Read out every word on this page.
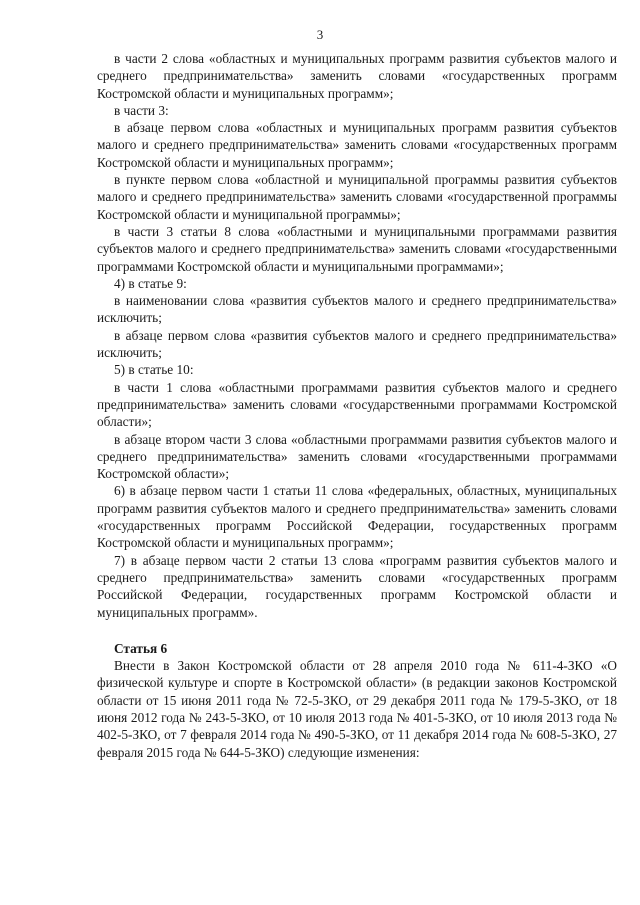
3

в части 2 слова «областных и муниципальных программ развития субъектов малого и среднего предпринимательства» заменить словами «государственных программ Костромской области и муниципальных программ»;

в части 3:

в абзаце первом слова «областных и муниципальных программ развития субъектов малого и среднего предпринимательства» заменить словами «государственных программ Костромской области и муниципальных программ»;

в пункте первом слова «областной и муниципальной программы развития субъектов малого и среднего предпринимательства» заменить словами «государственной программы Костромской области и муниципальной программы»;

в части 3 статьи 8 слова «областными и муниципальными программами развития субъектов малого и среднего предпринимательства» заменить словами «государственными программами Костромской области и муниципальными программами»;

4) в статье 9:

в наименовании слова «развития субъектов малого и среднего предпринимательства» исключить;

в абзаце первом слова «развития субъектов малого и среднего предпринимательства» исключить;

5) в статье 10:

в части 1 слова «областными программами развития субъектов малого и среднего предпринимательства» заменить словами «государственными программами Костромской области»;

в абзаце втором части 3 слова «областными программами развития субъектов малого и среднего предпринимательства» заменить словами «государственными программами Костромской области»;

6) в абзаце первом части 1 статьи 11 слова «федеральных, областных, муниципальных программ развития субъектов малого и среднего предпринимательства» заменить словами «государственных программ Российской Федерации, государственных программ Костромской области и муниципальных программ»;

7) в абзаце первом части 2 статьи 13 слова «программ развития субъектов малого и среднего предпринимательства» заменить словами «государственных программ Российской Федерации, государственных программ Костромской области и муниципальных программ».

Статья 6

Внести в Закон Костромской области от 28 апреля 2010 года № 611-4-ЗКО «О физической культуре и спорте в Костромской области» (в редакции законов Костромской области от 15 июня 2011 года № 72-5-ЗКО, от 29 декабря 2011 года № 179-5-ЗКО, от 18 июня 2012 года № 243-5-ЗКО, от 10 июля 2013 года № 401-5-ЗКО, от 10 июля 2013 года № 402-5-ЗКО, от 7 февраля 2014 года № 490-5-ЗКО, от 11 декабря 2014 года № 608-5-ЗКО, 27 февраля 2015 года № 644-5-ЗКО) следующие изменения:
